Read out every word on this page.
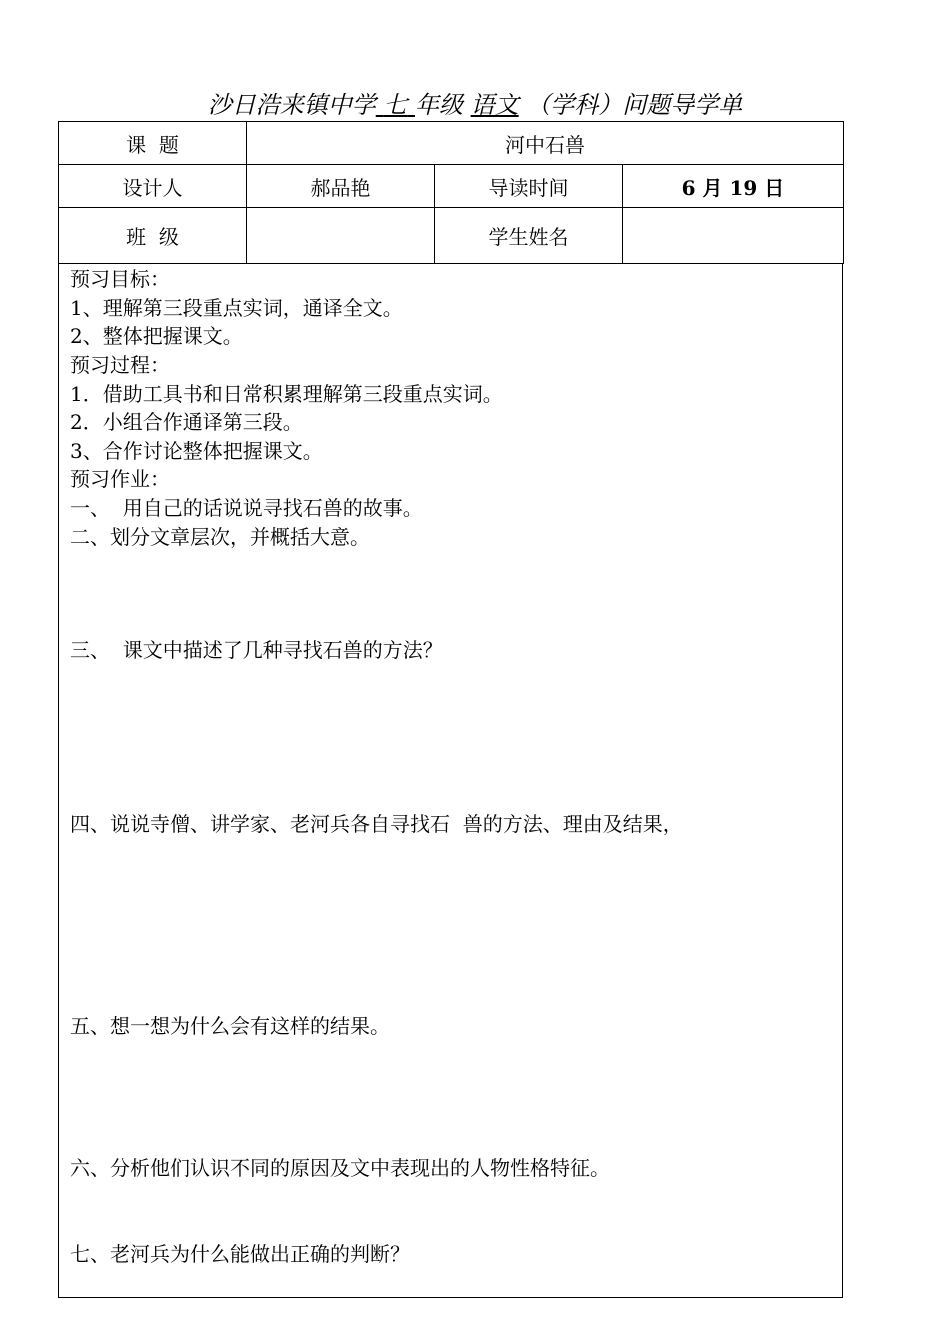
沙日浩来镇中学 七 年级 语文 （学科）问题导学单
课  题	河中石兽		
设计人	郝品艳	导读时间	6 月 19 日
班  级		学生姓名	
预习目标：
1、理解第三段重点实词，通译全文。
2、整体把握课文。
预习过程：
1．借助工具书和日常积累理解第三段重点实词。
2．小组合作通译第三段。
3、合作讨论整体把握课文。
预习作业：
一、  用自己的话说说寻找石兽的故事。
二、划分文章层次，并概括大意。
三、  课文中描述了几种寻找石兽的方法？
四、说说寺僧、讲学家、老河兵各自寻找石  兽的方法、理由及结果，
五、想一想为什么会有这样的结果。
六、分析他们认识不同的原因及文中表现出的人物性格特征。
七、老河兵为什么能做出正确的判断？
